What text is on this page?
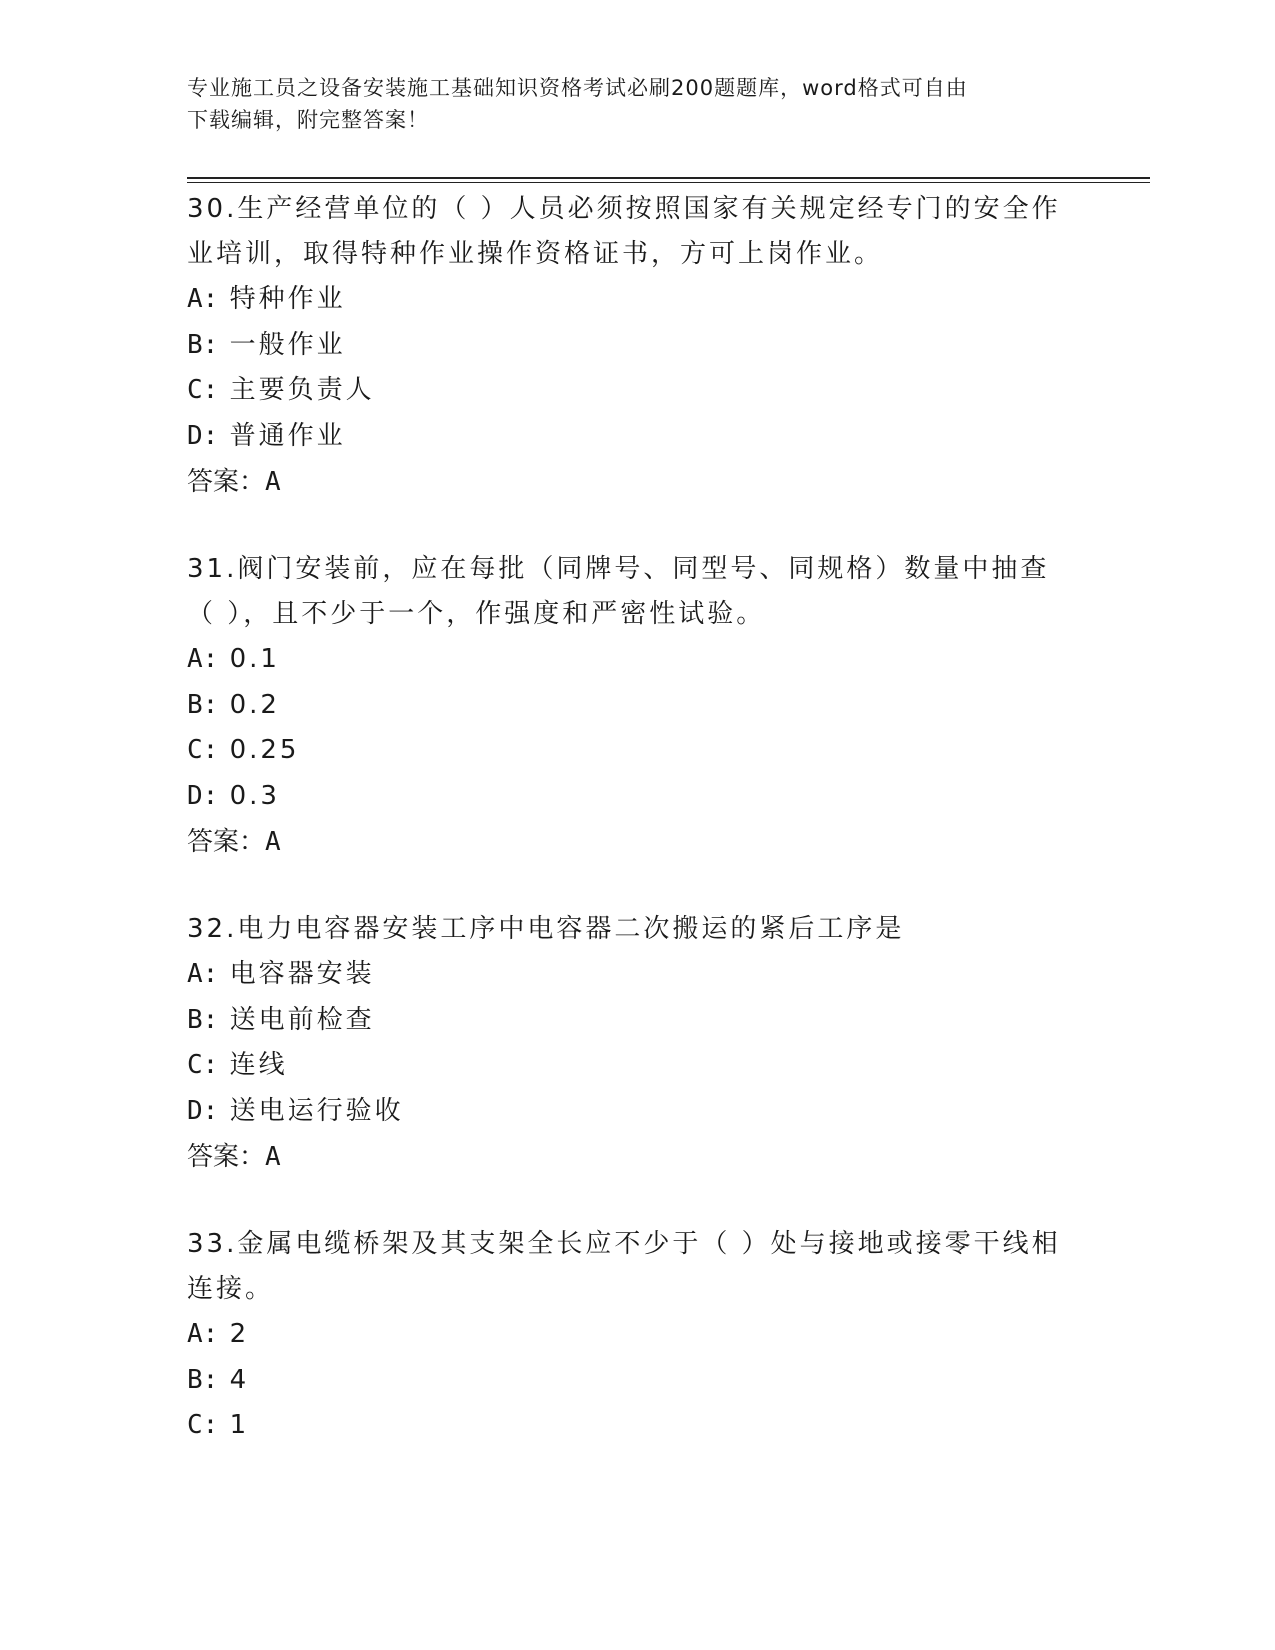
专业施工员之设备安装施工基础知识资格考试必刷200题题库，word格式可自由
下载编辑，附完整答案！

30.生产经营单位的（ ）人员必须按照国家有关规定经专门的安全作业培训，取得特种作业操作资格证书，方可上岗作业。

A: 特种作业

B: 一般作业

C: 主要负责人

D: 普通作业

答案：A

31.阀门安装前，应在每批（同牌号、同型号、同规格）数量中抽查（ ），且不少于一个，作强度和严密性试验。

A: 0.1

B: 0.2

C: 0.25

D: 0.3

答案：A

32.电力电容器安装工序中电容器二次搬运的紧后工序是

A: 电容器安装

B: 送电前检查

C: 连线

D: 送电运行验收

答案：A

33.金属电缆桥架及其支架全长应不少于（ ）处与接地或接零干线相连接。

A: 2

B: 4

C: 1
